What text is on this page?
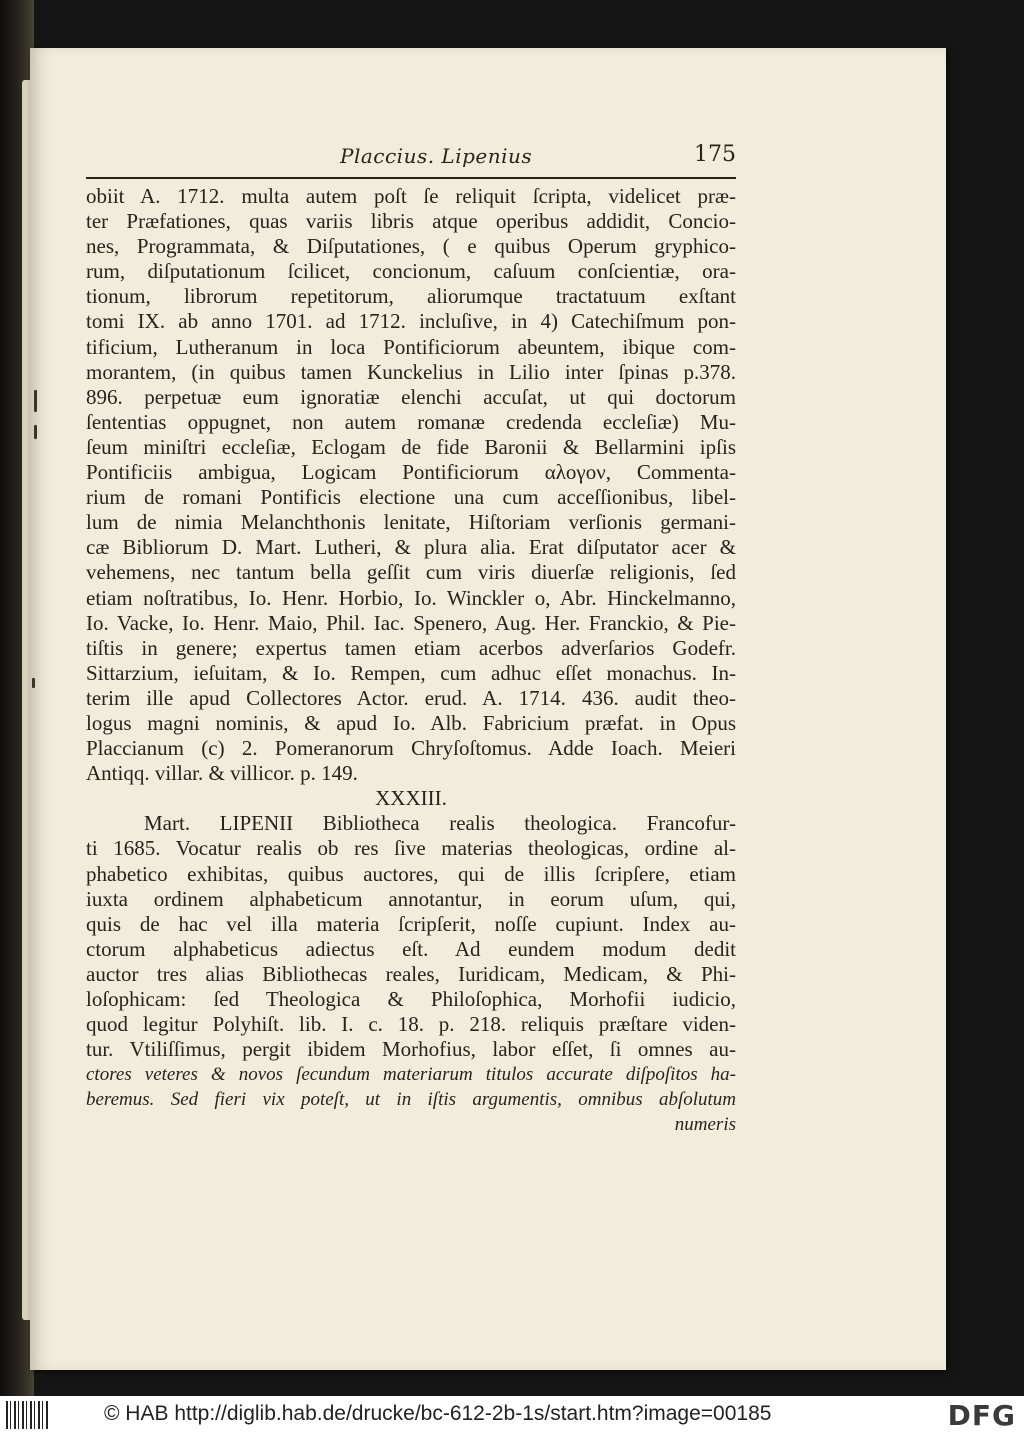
Placcius. Lipenius	175
obiit A. 1712. multa autem poſt ſe reliquit ſcripta, videlicet præ-
ter Præfationes, quas variis libris atque operibus addidit, Concio-
nes, Programmata, & Diſputationes, ( e quibus Operum gryphico-
rum, diſputationum ſcilicet, concionum, caſuum conſcientiæ, ora-
tionum, librorum repetitorum, aliorumque tractatuum exſtant
tomi IX. ab anno 1701. ad 1712. incluſive, in 4) Catechiſmum pon-
tificium, Lutheranum in loca Pontificiorum abeuntem, ibique com-
morantem, (in quibus tamen Kunckelius in Lilio inter ſpinas p.378.
896. perpetuæ eum ignoratiæ elenchi accuſat, ut qui doctorum
ſententias oppugnet, non autem romanæ credenda eccleſiæ) Mu-
ſeum miniſtri eccleſiæ, Eclogam de fide Baronii & Bellarmini ipſis
Pontificiis ambigua, Logicam Pontificiorum αλογον, Commenta-
rium de romani Pontificis electione una cum acceſſionibus, libel-
lum de nimia Melanchthonis lenitate, Hiſtoriam verſionis germani-
cæ Bibliorum D. Mart. Lutheri, & plura alia. Erat diſputator acer &
vehemens, nec tantum bella geſſit cum viris diuerſæ religionis, ſed
etiam noſtratibus, Io. Henr. Horbio, Io. Winckler o, Abr. Hinckelmanno,
Io. Vacke, Io. Henr. Maio, Phil. Iac. Spenero, Aug. Her. Franckio, & Pie-
tiſtis in genere; expertus tamen etiam acerbos adverſarios Godefr.
Sittarzium, ieſuitam, & Io. Rempen, cum adhuc eſſet monachus. In-
terim ille apud Collectores Actor. erud. A. 1714. 436. audit theo-
logus magni nominis, & apud Io. Alb. Fabricium præfat. in Opus
Placcianum (c) 2. Pomeranorum Chryſoſtomus. Adde Ioach. Meieri
Antiqq. villar. & villicor. p. 149.
XXXIII.
Mart. LIPENII Bibliotheca realis theologica. Francofur-
ti 1685. Vocatur realis ob res ſive materias theologicas, ordine al-
phabetico exhibitas, quibus auctores, qui de illis ſcripſere, etiam
iuxta ordinem alphabeticum annotantur, in eorum uſum, qui,
quis de hac vel illa materia ſcripſerit, noſſe cupiunt. Index au-
ctorum alphabeticus adiectus eſt. Ad eundem modum dedit
auctor tres alias Bibliothecas reales, Iuridicam, Medicam, & Phi-
loſophicam: ſed Theologica & Philoſophica, Morhofii iudicio,
quod legitur Polyhiſt. lib. I. c. 18. p. 218. reliquis præſtare viden-
tur. Vtiliſſimus, pergit ibidem Morhofius, labor eſſet, ſi omnes au-
ctores veteres & novos ſecundum materiarum titulos accurate diſpoſitos ha-
beremus. Sed fieri vix poteſt, ut in iſtis argumentis, omnibus abſolutum
numeris
© HAB http://diglib.hab.de/drucke/bc-612-2b-1s/start.htm?image=00185	DFG
